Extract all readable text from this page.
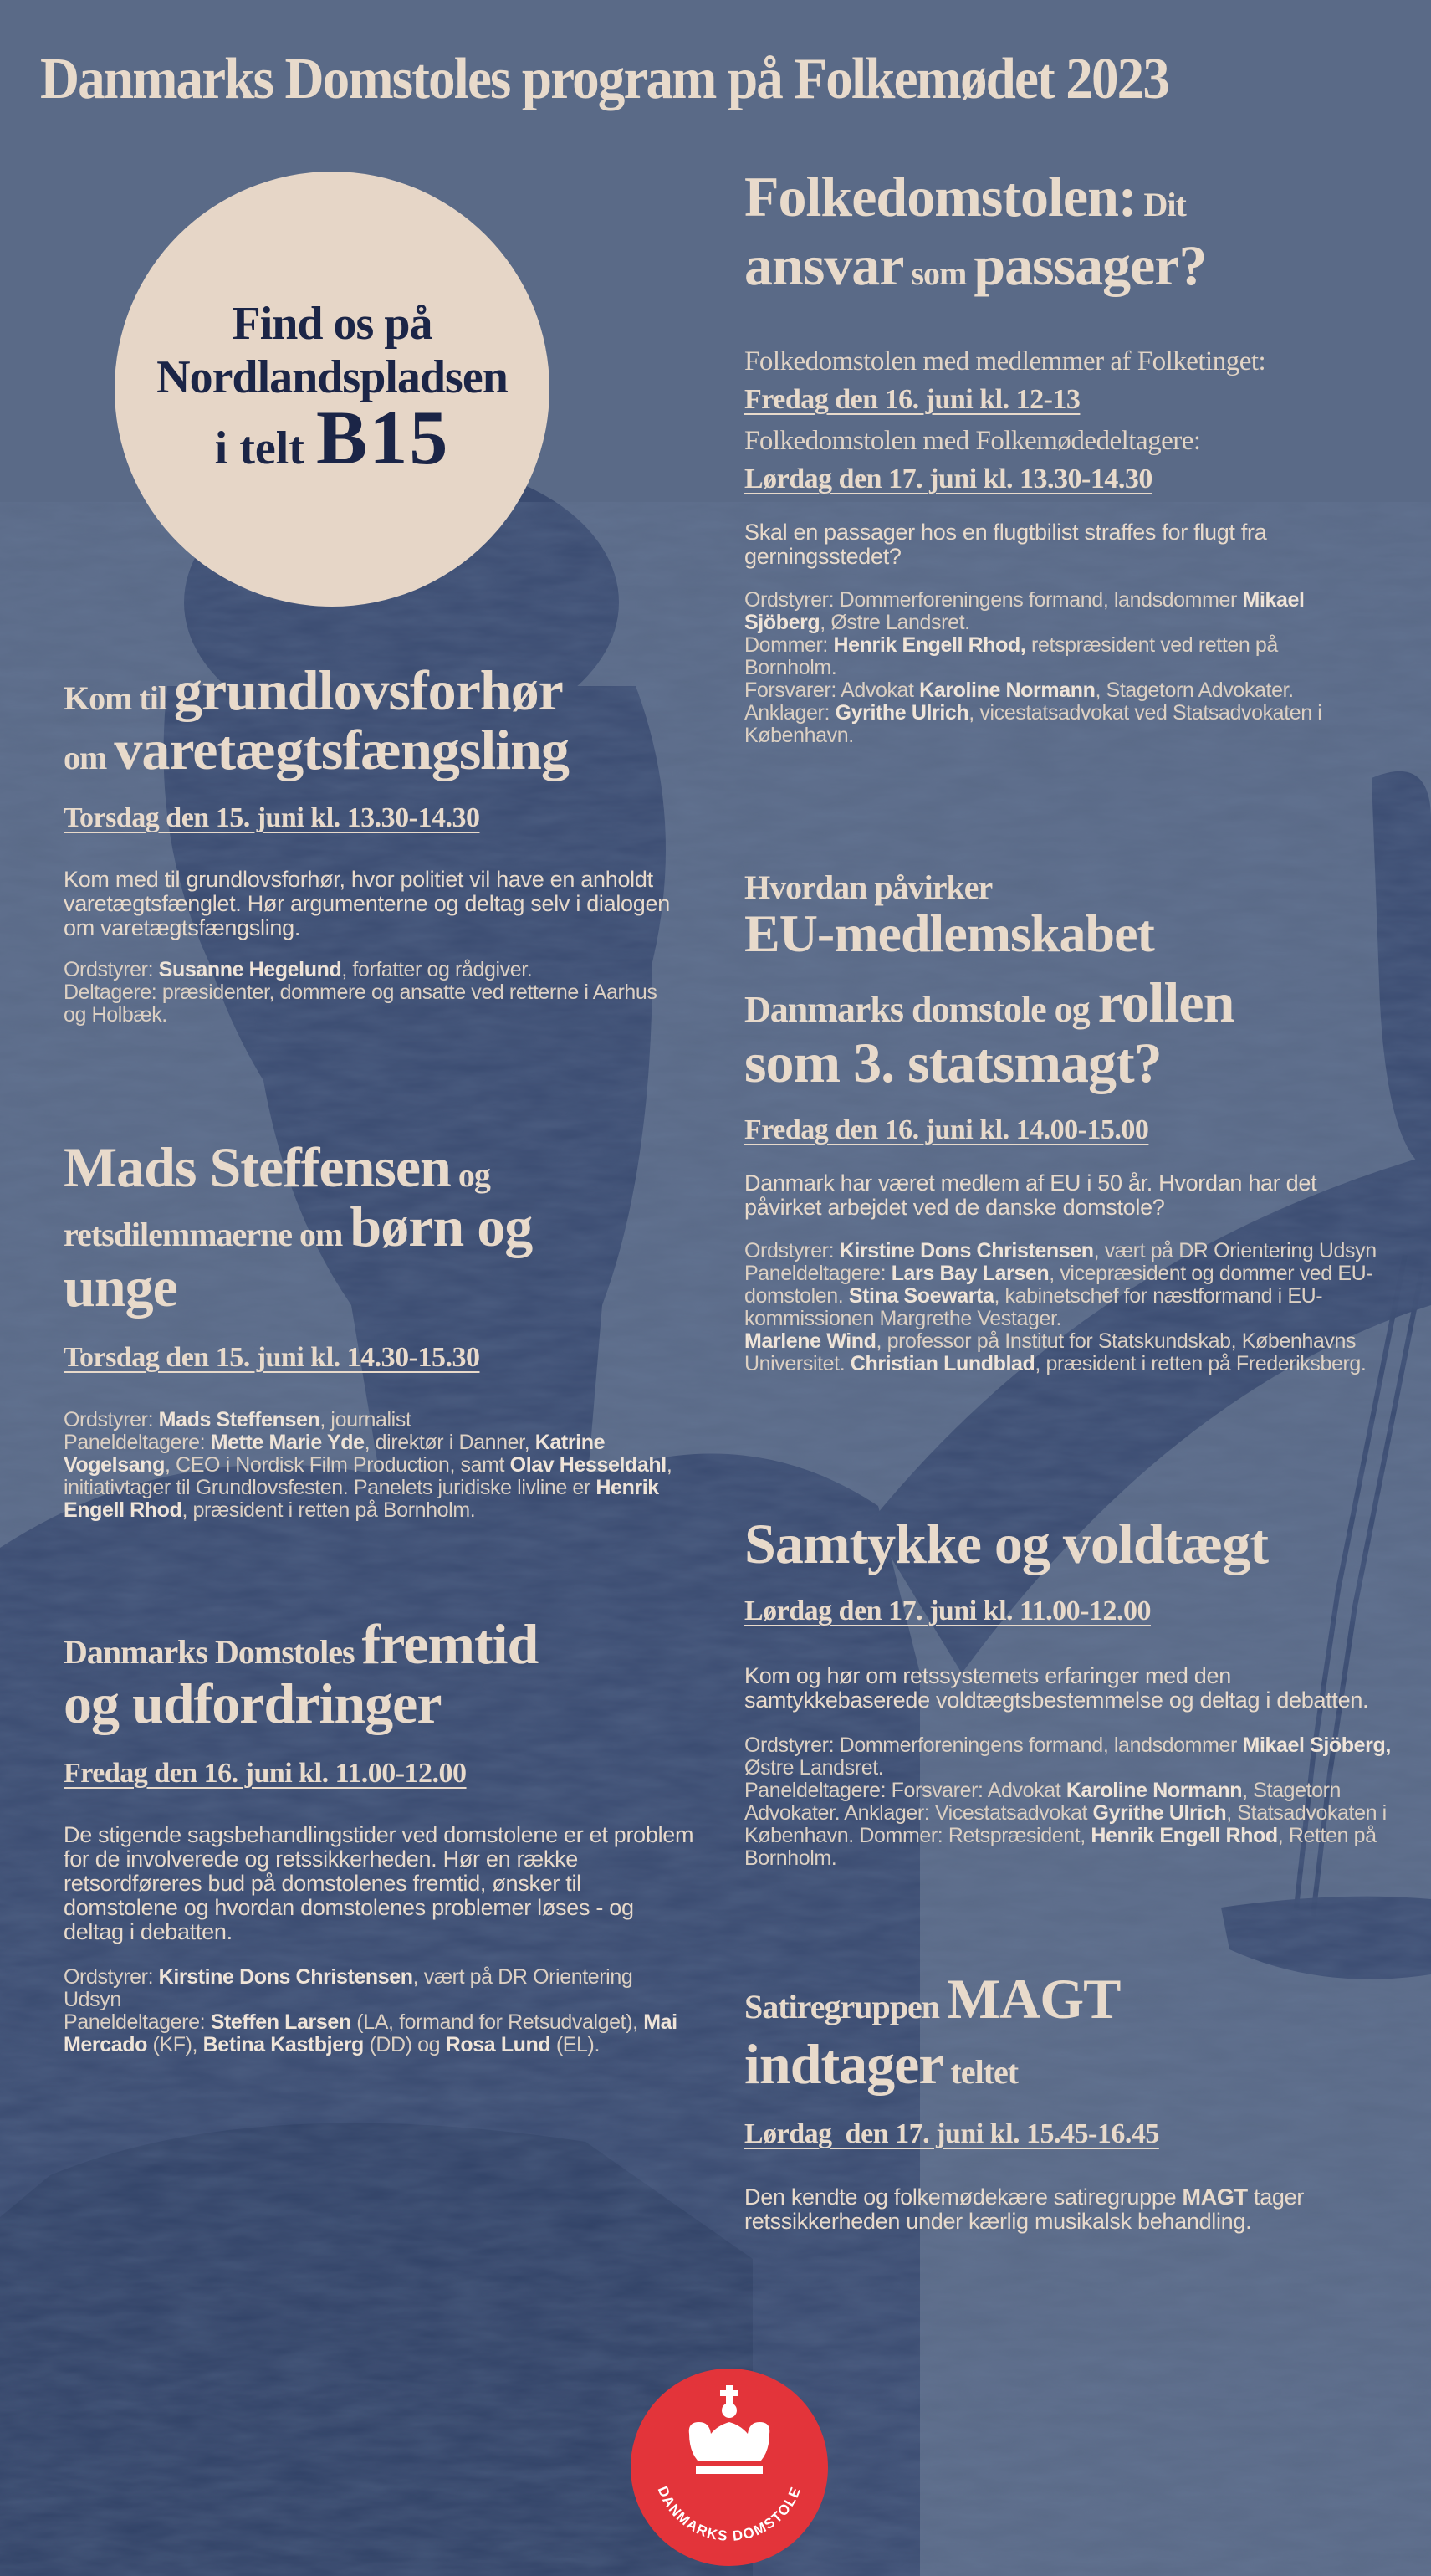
Danmarks Domstoles program på Folkemødet 2023
Find os på
Nordlandspladsen
i telt B15
Kom til grundlovsforhør
om varetægtsfængsling
Torsdag den 15. juni kl. 13.30-14.30

Kom med til grundlovsforhør, hvor politiet vil have en anholdt varetægtsfænglet. Hør argumenterne og deltag selv i dialogen om varetægtsfængsling.

Ordstyrer: Susanne Hegelund, forfatter og rådgiver.
Deltagere: præsidenter, dommere og ansatte ved retterne i Aarhus og Holbæk.

Mads Steffensen og
retsdilemmaerne om børn og
unge
Torsdag den 15. juni kl. 14.30-15.30

Ordstyrer: Mads Steffensen, journalist
Paneldeltagere: Mette Marie Yde, direktør i Danner, Katrine Vogelsang, CEO i Nordisk Film Production, samt Olav Hesseldahl, initiativtager til Grundlovsfesten. Panelets juridiske livline er Henrik Engell Rhod, præsident i retten på Bornholm.

Danmarks Domstoles fremtid
og udfordringer
Fredag den 16. juni kl. 11.00-12.00

De stigende sagsbehandlingstider ved domstolene er et problem for de involverede og retssikkerheden. Hør en række retsordføreres bud på domstolenes fremtid, ønsker til domstolene og hvordan domstolenes problemer løses - og deltag i debatten.

Ordstyrer: Kirstine Dons Christensen, vært på DR Orientering Udsyn
Paneldeltagere: Steffen Larsen (LA, formand for Retsudvalget), Mai Mercado (KF), Betina Kastbjerg (DD) og Rosa Lund (EL).

Folkedomstolen: Dit
ansvar som passager?
Folkedomstolen med medlemmer af Folketinget:
Fredag den 16. juni kl. 12-13
Folkedomstolen med Folkemødedeltagere:
Lørdag den 17. juni kl. 13.30-14.30

Skal en passager hos en flugtbilist straffes for flugt fra gerningsstedet?

Ordstyrer: Dommerforeningens formand, landsdommer Mikael Sjöberg, Østre Landsret.
Dommer: Henrik Engell Rhod, retspræsident ved retten på Bornholm.
Forsvarer: Advokat Karoline Normann, Stagetorn Advokater.
Anklager: Gyrithe Ulrich, vicestatsadvokat ved Statsadvokaten i København.

Hvordan påvirker
EU-medlemskabet

Danmarks domstole og rollen
som 3. statsmagt?
Fredag den 16. juni kl. 14.00-15.00

Danmark har været medlem af EU i 50 år. Hvordan har det påvirket arbejdet ved de danske domstole?

Ordstyrer: Kirstine Dons Christensen, vært på DR Orientering Udsyn
Paneldeltagere: Lars Bay Larsen, vicepræsident og dommer ved EU-domstolen. Stina Soewarta, kabinetschef for næstformand i EU-kommissionen Margrethe Vestager.
Marlene Wind, professor på Institut for Statskundskab, Københavns Universitet. Christian Lundblad, præsident i retten på Frederiksberg.

Samtykke og voldtægt
Lørdag den 17. juni kl. 11.00-12.00

Kom og hør om retssystemets erfaringer med den samtykkebaserede voldtægtsbestemmelse og deltag i debatten.

Ordstyrer: Dommerforeningens formand, landsdommer Mikael Sjöberg, Østre Landsret.
Paneldeltagere: Forsvarer: Advokat Karoline Normann, Stagetorn Advokater. Anklager: Vicestatsadvokat Gyrithe Ulrich, Statsadvokaten i København. Dommer: Retspræsident, Henrik Engell Rhod, Retten på Bornholm.

Satiregruppen MAGT
indtager teltet
Lørdag  den 17. juni kl. 15.45-16.45

Den kendte og folkemødekære satiregruppe MAGT tager retssikkerheden under kærlig musikalsk behandling.

DANMARKS DOMSTOLE
